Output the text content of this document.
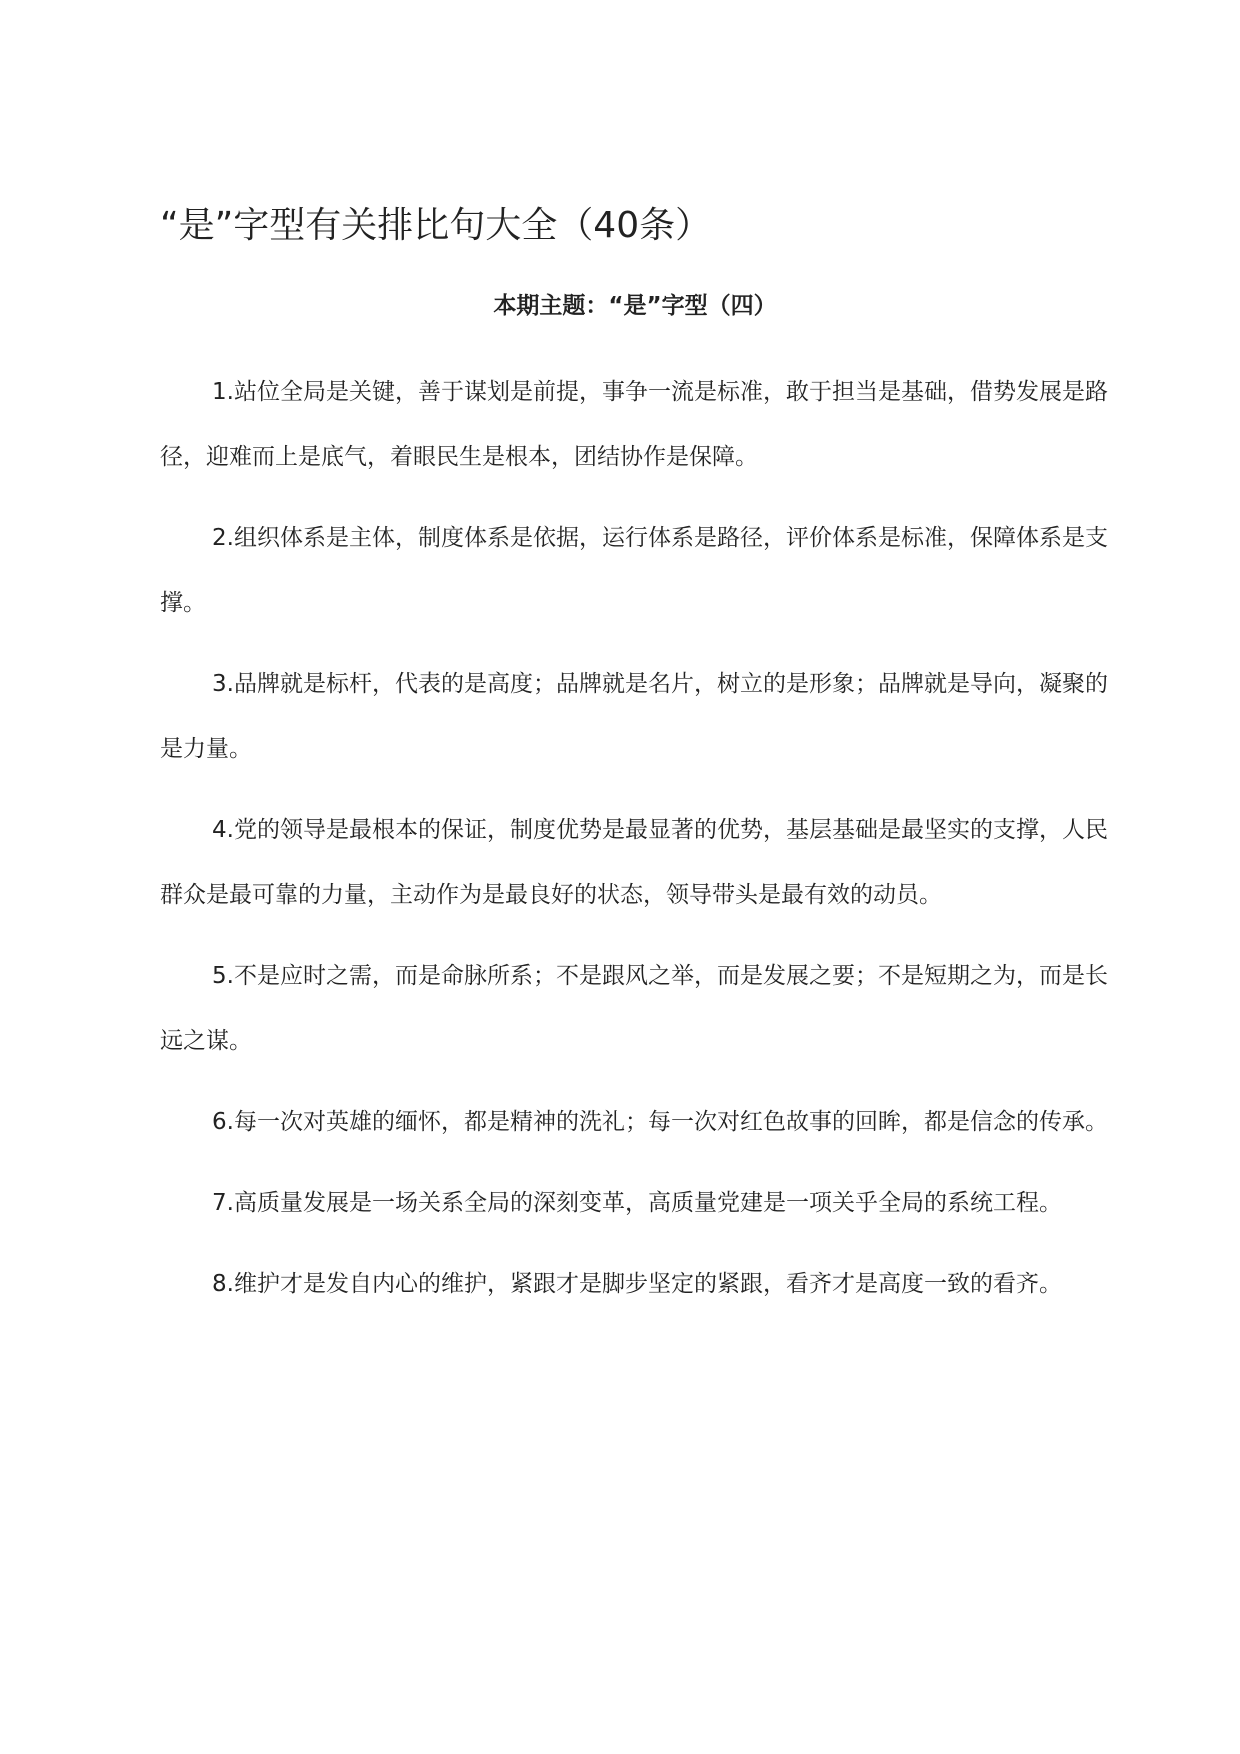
“是”字型有关排比句大全（40条）
本期主题：“是”字型（四）

1.站位全局是关键，善于谋划是前提，事争一流是标准，敢于担当是基础，借势发展是路径，迎难而上是底气，着眼民生是根本，团结协作是保障。

2.组织体系是主体，制度体系是依据，运行体系是路径，评价体系是标准，保障体系是支撑。

3.品牌就是标杆，代表的是高度；品牌就是名片，树立的是形象；品牌就是导向，凝聚的是力量。

4.党的领导是最根本的保证，制度优势是最显著的优势，基层基础是最坚实的支撑，人民群众是最可靠的力量，主动作为是最良好的状态，领导带头是最有效的动员。

5.不是应时之需，而是命脉所系；不是跟风之举，而是发展之要；不是短期之为，而是长远之谋。

6.每一次对英雄的缅怀，都是精神的洗礼；每一次对红色故事的回眸，都是信念的传承。

7.高质量发展是一场关系全局的深刻变革，高质量党建是一项关乎全局的系统工程。

8.维护才是发自内心的维护，紧跟才是脚步坚定的紧跟，看齐才是高度一致的看齐。
